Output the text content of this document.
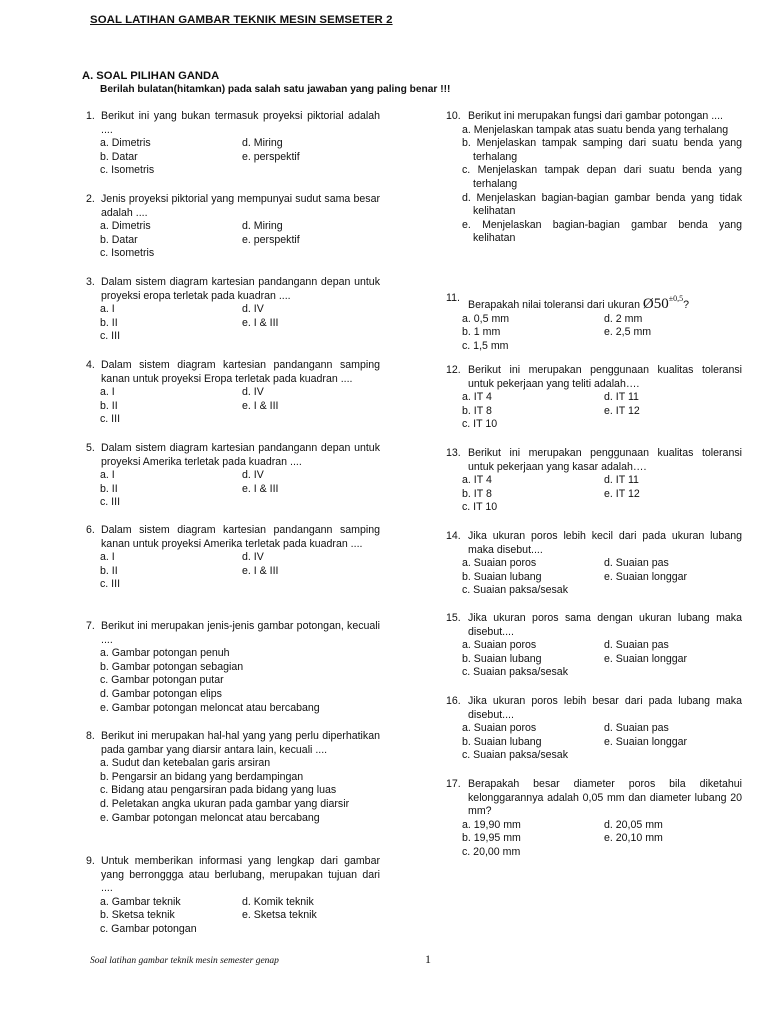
SOAL LATIHAN GAMBAR TEKNIK MESIN SEMSETER 2
A. SOAL PILIHAN GANDA
Berilah bulatan(hitamkan) pada salah satu jawaban yang paling benar !!!
1. Berikut ini yang bukan termasuk proyeksi piktorial adalah ....
a. Dimetris	d. Miring
b. Datar	e. perspektif
c. Isometris
2. Jenis proyeksi piktorial yang mempunyai sudut sama besar adalah ....
a. Dimetris	d. Miring
b. Datar	e. perspektif
c. Isometris
3. Dalam sistem diagram kartesian pandangann depan untuk proyeksi eropa terletak pada kuadran ....
a. I	d. IV
b. II	e. I & III
c. III
4. Dalam sistem diagram kartesian pandangann samping kanan untuk proyeksi Eropa terletak pada kuadran ....
a. I	d. IV
b. II	e. I & III
c. III
5. Dalam sistem diagram kartesian pandangann depan untuk proyeksi Amerika terletak pada kuadran ....
a. I	d. IV
b. II	e. I & III
c. III
6. Dalam sistem diagram kartesian pandangann samping kanan untuk proyeksi Amerika terletak pada kuadran ....
a. I	d. IV
b. II	e. I & III
c. III
7. Berikut ini merupakan jenis-jenis gambar potongan, kecuali ....
a. Gambar potongan penuh
b. Gambar potongan sebagian
c. Gambar potongan putar
d. Gambar potongan elips
e. Gambar potongan meloncat atau bercabang
8. Berikut ini merupakan hal-hal yang yang perlu diperhatikan pada gambar yang diarsir antara lain, kecuali ....
a. Sudut dan ketebalan garis arsiran
b. Pengarsir an bidang yang berdampingan
c. Bidang atau pengarsiran pada bidang yang luas
d. Peletakan angka ukuran pada gambar yang diarsir
e. Gambar potongan meloncat atau bercabang
9. Untuk memberikan informasi yang lengkap dari gambar yang berronggga atau berlubang, merupakan tujuan dari ....
a. Gambar teknik	d. Komik teknik
b. Sketsa teknik	e. Sketsa teknik
c. Gambar potongan
10. Berikut ini merupakan fungsi dari gambar potongan ....
a. Menjelaskan tampak atas suatu benda yang terhalang
b. Menjelaskan tampak samping dari suatu benda yang terhalang
c. Menjelaskan tampak depan dari suatu benda yang terhalang
d. Menjelaskan bagian-bagian gambar benda yang tidak kelihatan
e. Menjelaskan bagian-bagian gambar benda yang kelihatan
11.
Berapakah nilai toleransi dari ukuran $Ø50^{\pm 0,5}$?
a. 0,5 mm	d. 2 mm
b. 1 mm	e. 2,5 mm
c. 1,5 mm
12. Berikut ini merupakan penggunaan kualitas toleransi untuk pekerjaan yang teliti adalah….
a. IT 4	d. IT 11
b. IT 8	e. IT 12
c. IT 10
13. Berikut ini merupakan penggunaan kualitas toleransi untuk pekerjaan yang kasar adalah….
a. IT 4	d. IT 11
b. IT 8	e. IT 12
c. IT 10
14. Jika ukuran poros lebih kecil dari pada ukuran lubang maka disebut....
a. Suaian poros	d. Suaian pas
b. Suaian lubang	e. Suaian longgar
c. Suaian paksa/sesak
15. Jika ukuran poros sama dengan ukuran lubang maka disebut....
a. Suaian poros	d. Suaian pas
b. Suaian lubang	e. Suaian longgar
c. Suaian paksa/sesak
16. Jika ukuran poros lebih besar dari pada lubang maka disebut....
a. Suaian poros	d. Suaian pas
b. Suaian lubang	e. Suaian longgar
c. Suaian paksa/sesak
17. Berapakah besar diameter poros bila diketahui kelonggarannya adalah 0,05 mm dan diameter lubang 20 mm?
a. 19,90 mm	d. 20,05 mm
b. 19,95 mm	e. 20,10 mm
c. 20,00 mm
Soal latihan gambar teknik mesin semester genap	1
